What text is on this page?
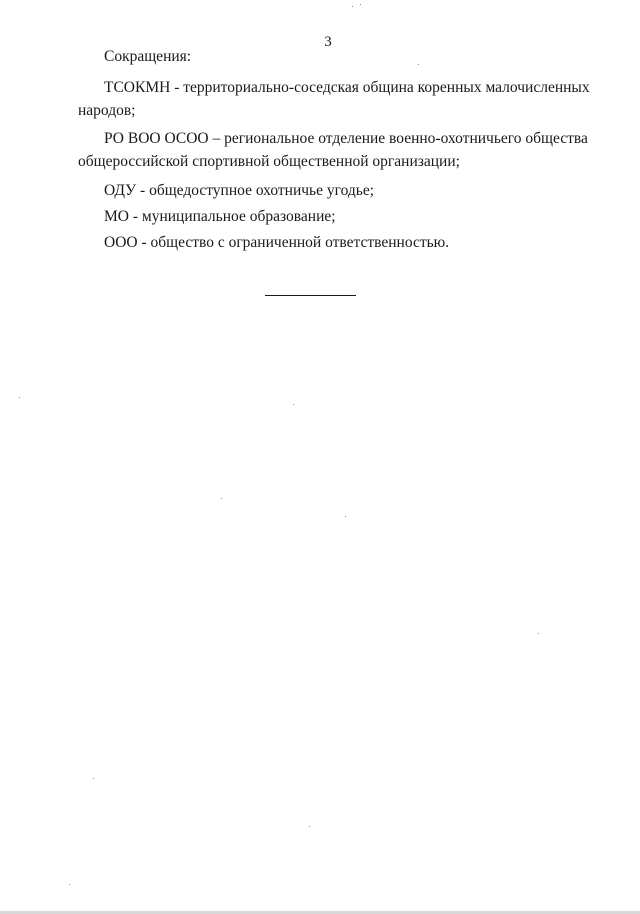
3
Сокращения:
ТСОКМН - территориально-соседская община коренных малочисленных
народов;
РО ВОО ОСОО – региональное отделение военно-охотничьего общества
общероссийской спортивной общественной организации;
ОДУ - общедоступное охотничье угодье;
МО - муниципальное образование;
ООО - общество с ограниченной ответственностью.
